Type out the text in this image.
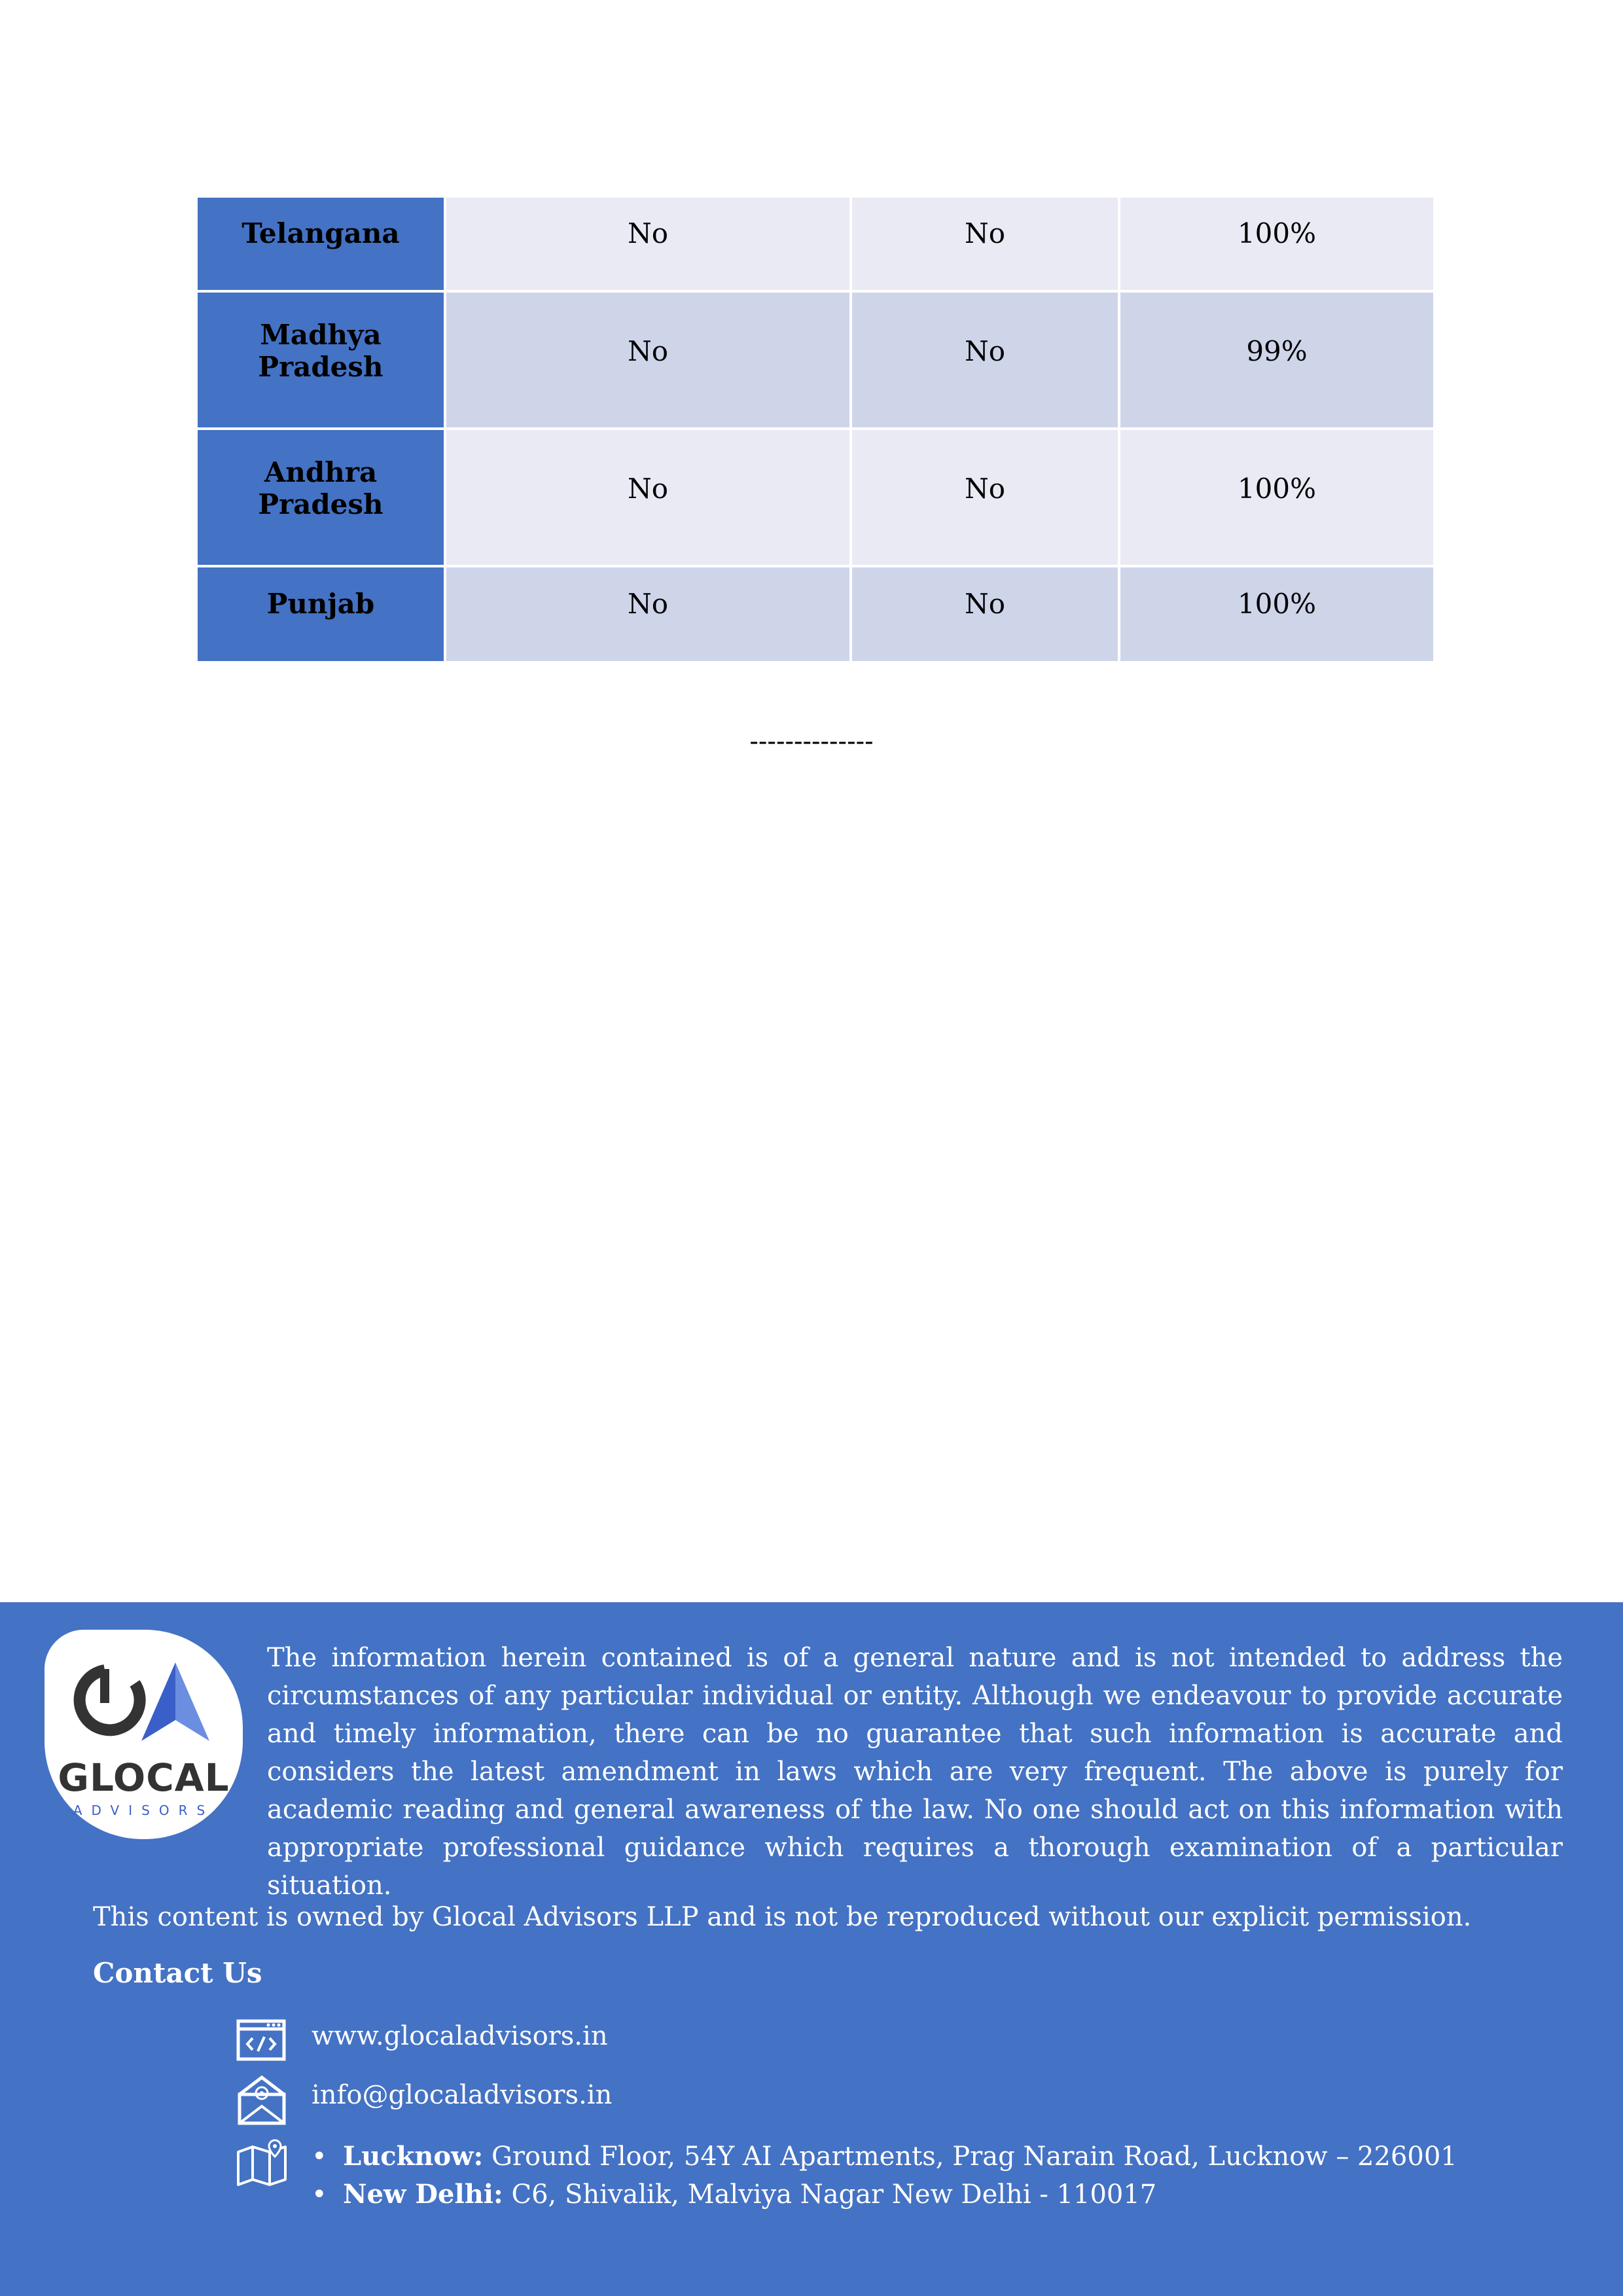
Telangana	No	No	100%
Madhya Pradesh	No	No	99%
Andhra Pradesh	No	No	100%
Punjab	No	No	100%
--------------
GLOCAL
ADVISORS

The information herein contained is of a general nature and is not intended to address the circumstances of any particular individual or entity. Although we endeavour to provide accurate and timely information, there can be no guarantee that such information is accurate and considers the latest amendment in laws which are very frequent. The above is purely for academic reading and general awareness of the law. No one should act on this information with appropriate professional guidance which requires a thorough examination of a particular situation.

This content is owned by Glocal Advisors LLP and is not be reproduced without our explicit permission.

Contact Us

www.glocaladvisors.in
info@glocaladvisors.in
• Lucknow: Ground Floor, 54Y AI Apartments, Prag Narain Road, Lucknow – 226001
• New Delhi: C6, Shivalik, Malviya Nagar New Delhi - 110017
